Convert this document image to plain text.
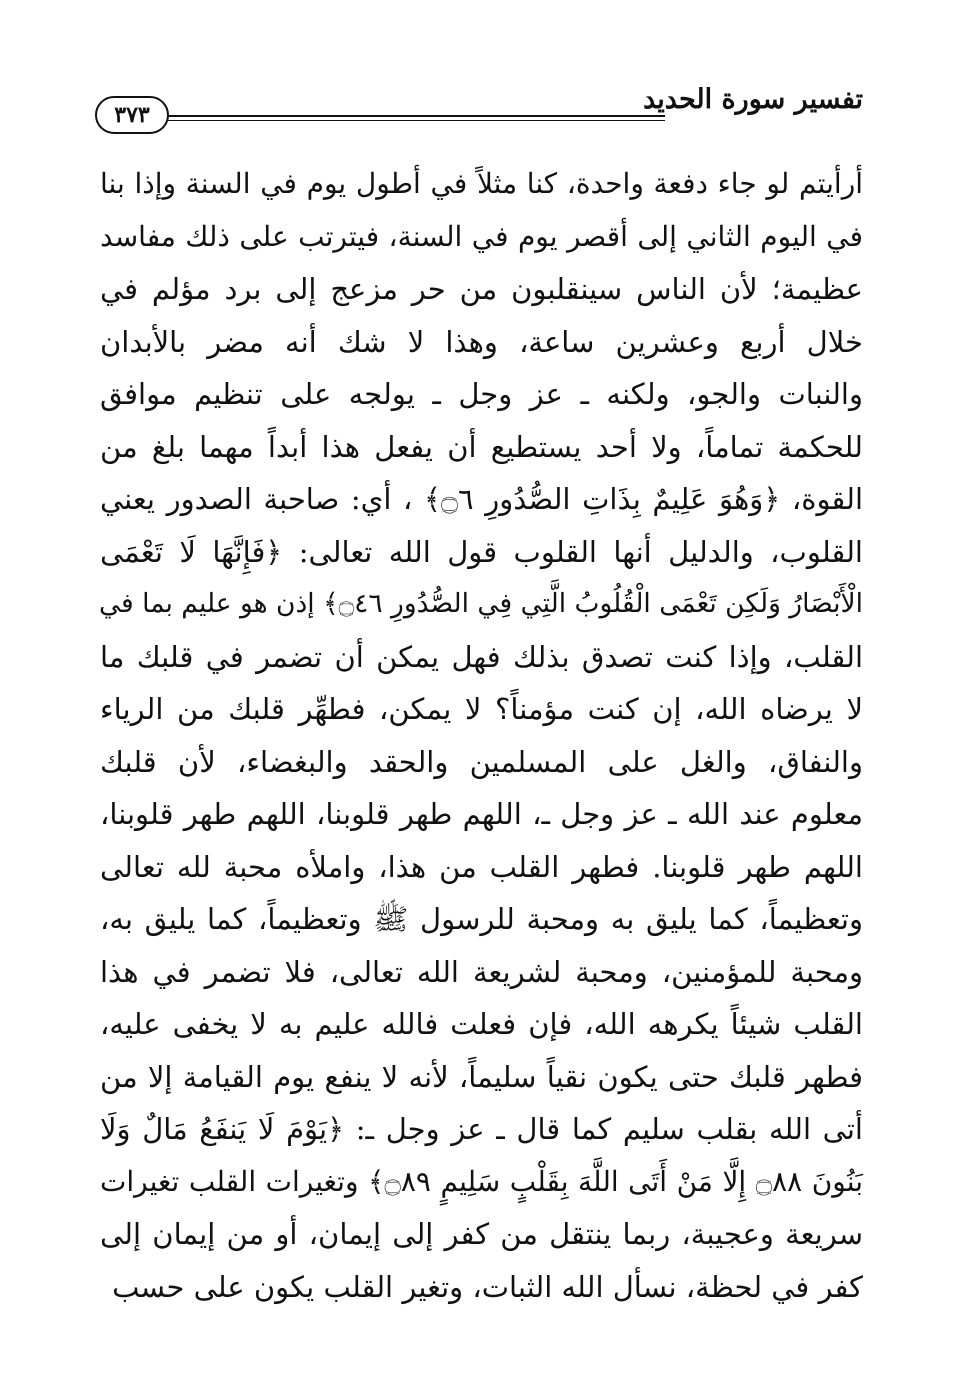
تفسير سورة الحديد
٣٧٣
أرأيتم لو جاء دفعة واحدة، كنا مثلاً في أطول يوم في السنة وإذا بنا
في اليوم الثاني إلى أقصر يوم في السنة، فيترتب على ذلك مفاسد
عظيمة؛ لأن الناس سينقلبون من حر مزعج إلى برد مؤلم في
خلال أربع وعشرين ساعة، وهذا لا شك أنه مضر بالأبدان
والنبات والجو، ولكنه ـ عز وجل ـ يولجه على تنظيم موافق
للحكمة تماماً، ولا أحد يستطيع أن يفعل هذا أبداً مهما بلغ من
القوة، ﴿وَهُوَ عَلِيمٌ بِذَاتِ الصُّدُورِ ۝٦﴾ ، أي: صاحبة الصدور يعني
القلوب، والدليل أنها القلوب قول الله تعالى: ﴿فَإِنَّهَا لَا تَعْمَى
الْأَبْصَارُ وَلَكِن تَعْمَى الْقُلُوبُ الَّتِي فِي الصُّدُورِ ۝٤٦﴾ إذن هو عليم بما في
القلب، وإذا كنت تصدق بذلك فهل يمكن أن تضمر في قلبك ما
لا يرضاه الله، إن كنت مؤمناً؟ لا يمكن، فطهِّر قلبك من الرياء
والنفاق، والغل على المسلمين والحقد والبغضاء، لأن قلبك
معلوم عند الله ـ عز وجل ـ، اللهم طهر قلوبنا، اللهم طهر قلوبنا،
اللهم طهر قلوبنا. فطهر القلب من هذا، واملأه محبة لله تعالى
وتعظيماً، كما يليق به ومحبة للرسول ﷺ وتعظيماً، كما يليق به،
ومحبة للمؤمنين، ومحبة لشريعة الله تعالى، فلا تضمر في هذا
القلب شيئاً يكرهه الله، فإن فعلت فالله عليم به لا يخفى عليه،
فطهر قلبك حتى يكون نقياً سليماً، لأنه لا ينفع يوم القيامة إلا من
أتى الله بقلب سليم كما قال ـ عز وجل ـ: ﴿يَوْمَ لَا يَنفَعُ مَالٌ وَلَا
بَنُونَ ۝٨٨ إِلَّا مَنْ أَتَى اللَّهَ بِقَلْبٍ سَلِيمٍ ۝٨٩﴾ وتغيرات القلب تغيرات
سريعة وعجيبة، ربما ينتقل من كفر إلى إيمان، أو من إيمان إلى
كفر في لحظة، نسأل الله الثبات، وتغير القلب يكون على حسب
